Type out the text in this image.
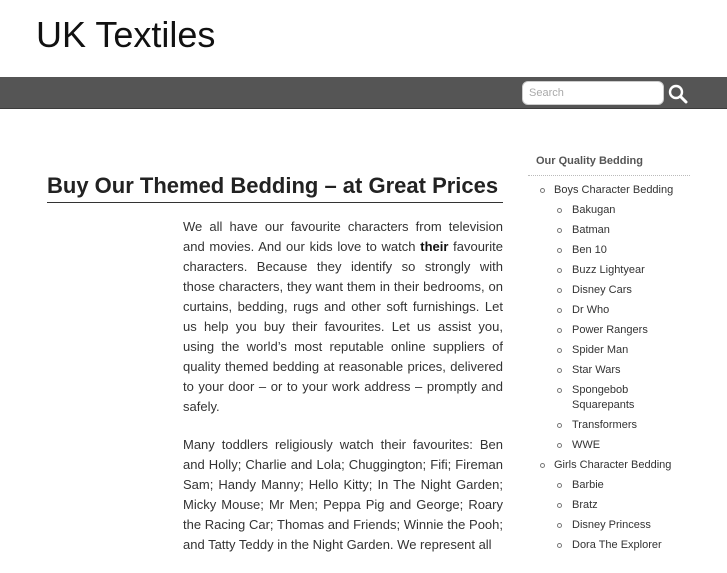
UK Textiles
Search
Buy Our Themed Bedding – at Great Prices

We all have our favourite characters from television and movies. And our kids love to watch their favourite characters. Because they identify so strongly with those characters, they want them in their bedrooms, on curtains, bedding, rugs and other soft furnishings. Let us help you buy their favourites. Let us assist you, using the world’s most reputable online suppliers of quality themed bedding at reasonable prices, delivered to your door – or to your work address – promptly and safely.

Many toddlers religiously watch their favourites: Ben and Holly; Charlie and Lola; Chuggington; Fifi; Fireman Sam; Handy Manny; Hello Kitty; In The Night Garden; Micky Mouse; Mr Men; Peppa Pig and George; Roary the Racing Car; Thomas and Friends; Winnie the Pooh; and Tatty Teddy in the Night Garden. We represent all

Our Quality Bedding
Boys Character Bedding
Bakugan
Batman
Ben 10
Buzz Lightyear
Disney Cars
Dr Who
Power Rangers
Spider Man
Star Wars
Spongebob Squarepants
Transformers
WWE
Girls Character Bedding
Barbie
Bratz
Disney Princess
Dora The Explorer
